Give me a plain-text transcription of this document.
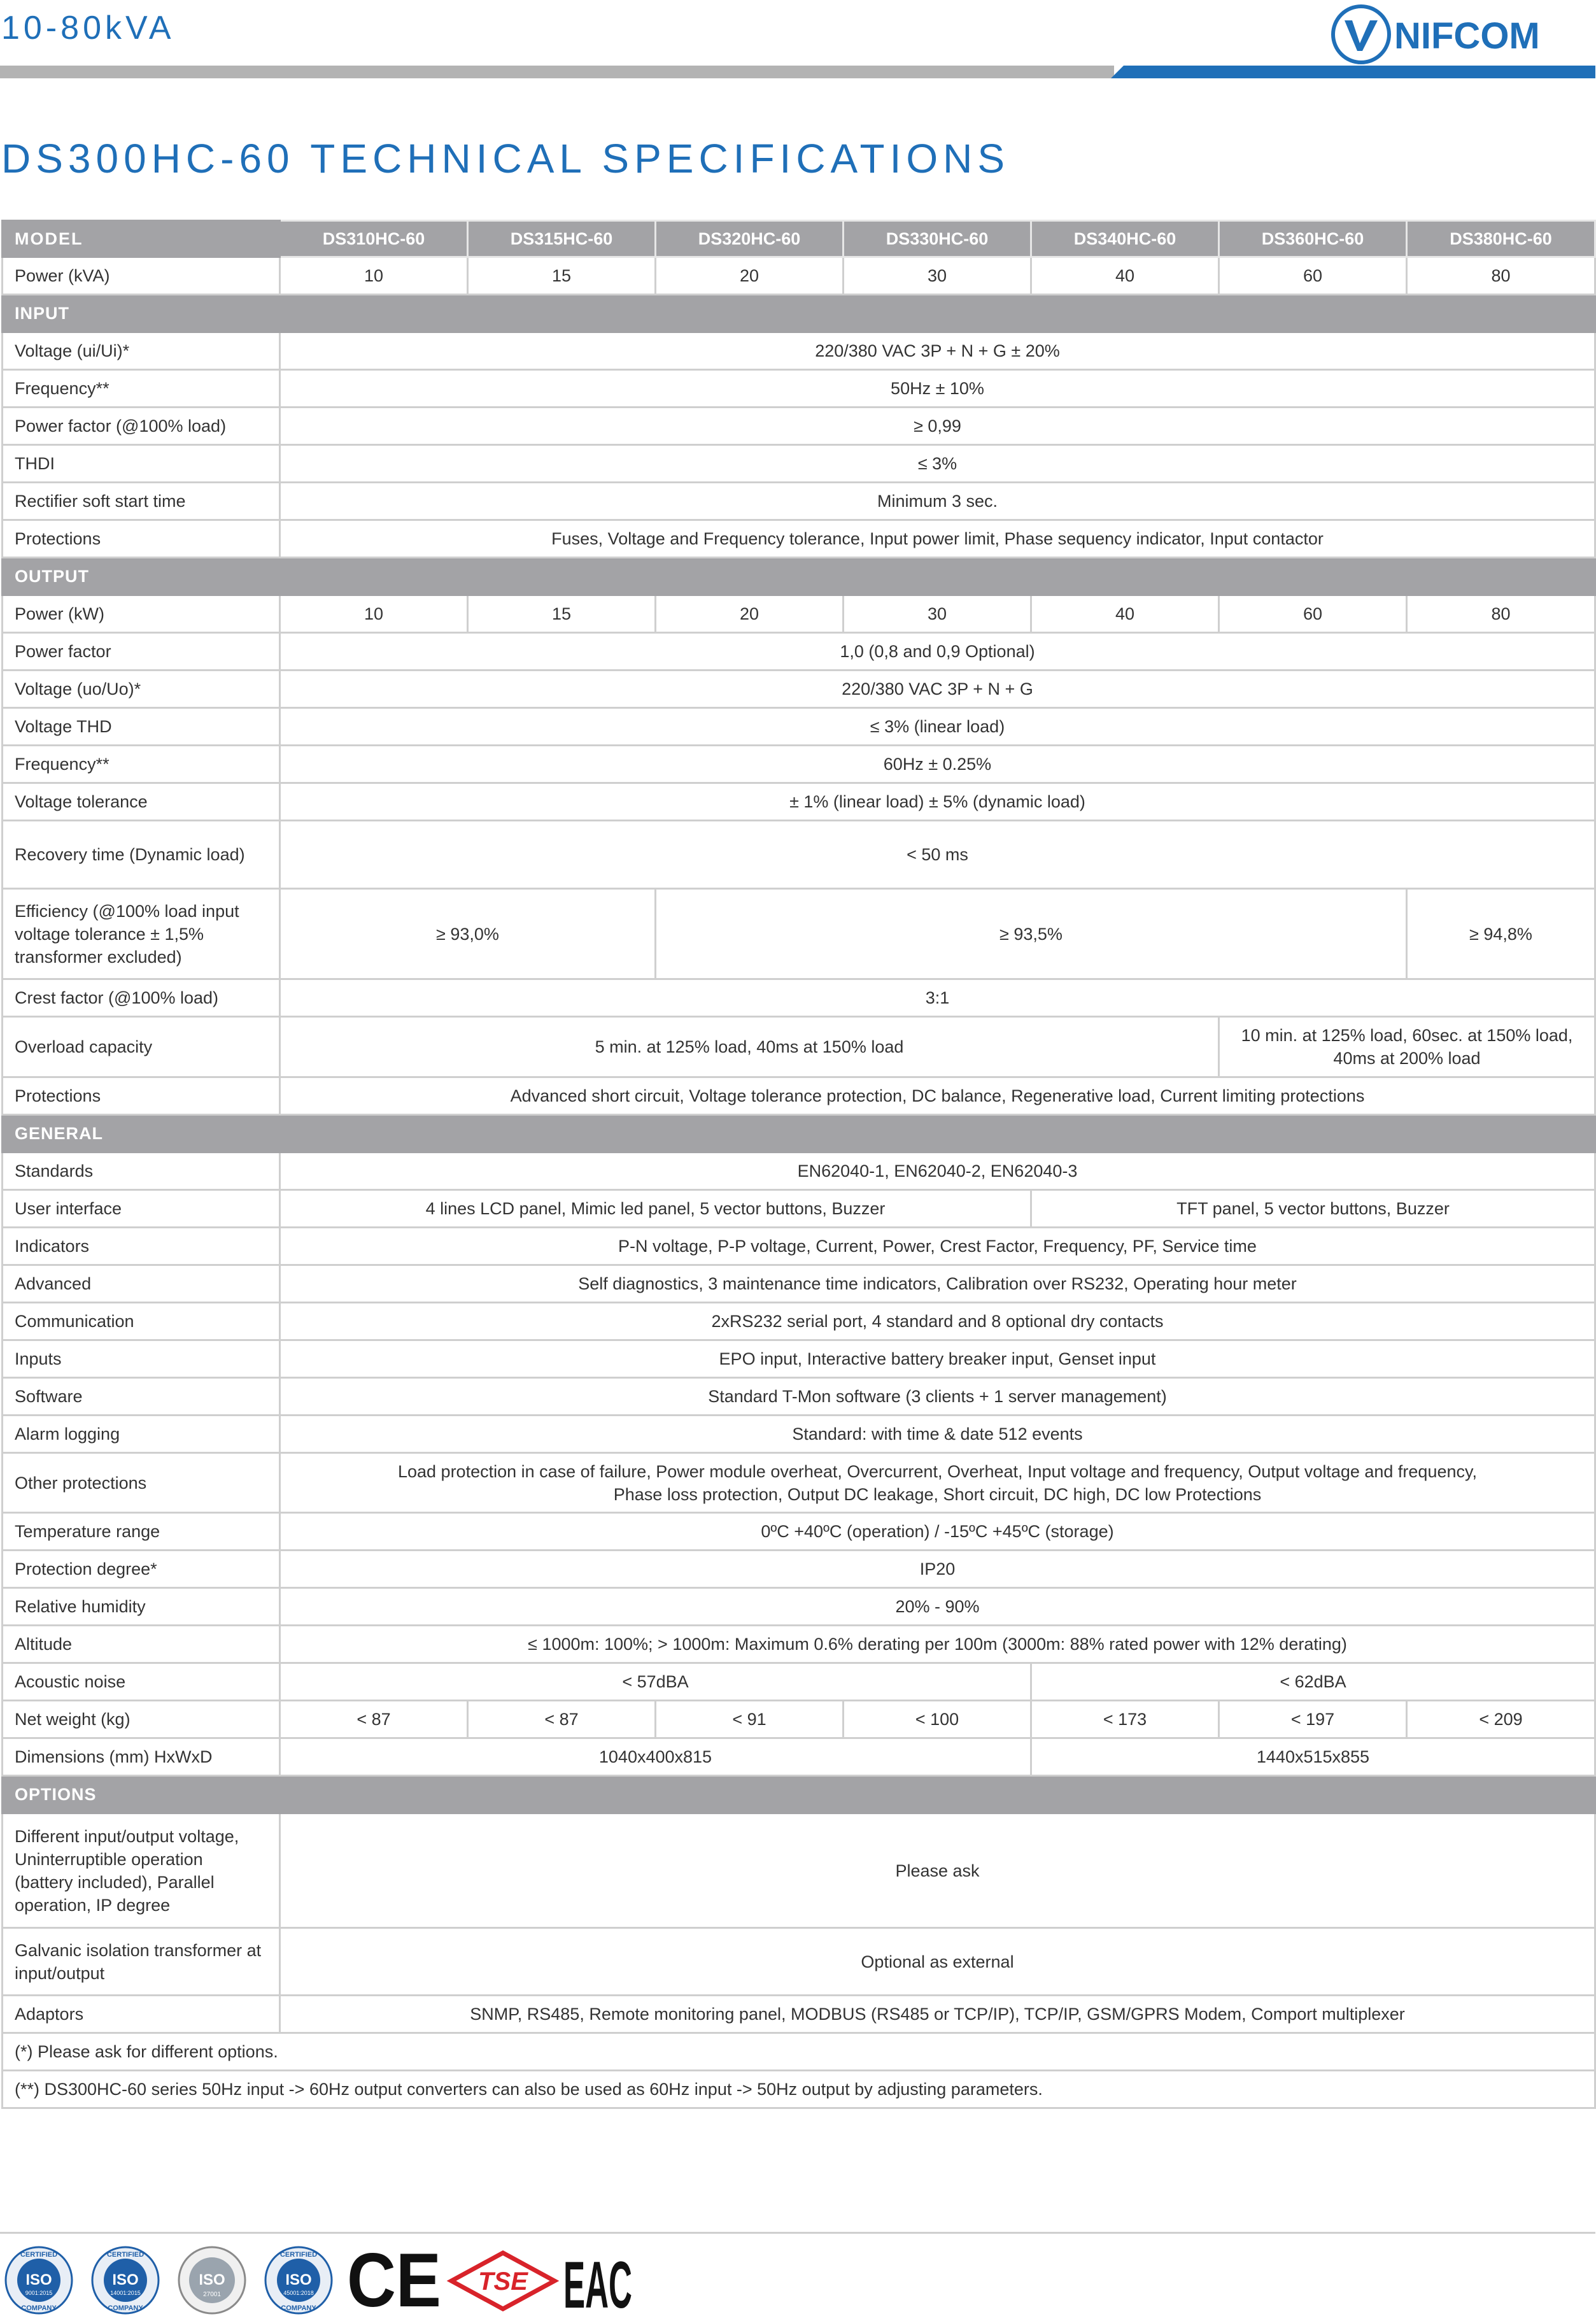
10-80kVA	NIFCOM
DS300HC-60 TECHNICAL SPECIFICATIONS
MODEL	DS310HC-60	DS315HC-60	DS320HC-60	DS330HC-60	DS340HC-60	DS360HC-60	DS380HC-60
Power (kVA)	10	15	20	30	40	60	80
INPUT							
Voltage (ui/Ui)*	220/380 VAC 3P + N + G ± 20%						
Frequency**	50Hz ± 10%						
Power factor (@100% load)	≥ 0,99						
THDI	≤ 3%						
Rectifier soft start time	Minimum 3 sec.						
Protections	Fuses, Voltage and Frequency tolerance, Input power limit, Phase sequency indicator, Input contactor						
OUTPUT							
Power (kW)	10	15	20	30	40	60	80
Power factor	1,0 (0,8 and 0,9 Optional)						
Voltage (uo/Uo)*	220/380 VAC 3P + N + G						
Voltage THD	≤ 3% (linear load)						
Frequency**	60Hz ± 0.25%						
Voltage tolerance	± 1% (linear load) ± 5% (dynamic load)						
Recovery time (Dynamic load)	< 50 ms						

Efficiency (@100% load input
voltage tolerance ± 1,5%
transformer excluded)	≥ 93,0%		≥ 93,5%				≥ 94,8%
Crest factor (@100% load)	3:1						
Overload capacity	5 min. at 125% load, 40ms at 150% load					10 min. at 125% load, 60sec. at 150% load,
40ms at 200% load	

Protections	Advanced short circuit, Voltage tolerance protection, DC balance, Regenerative load, Current limiting protections						
GENERAL							
Standards	EN62040-1, EN62040-2, EN62040-3						
User interface	4 lines LCD panel, Mimic led panel, 5 vector buttons, Buzzer				TFT panel, 5 vector buttons, Buzzer		
Indicators	P-N voltage, P-P voltage, Current, Power, Crest Factor, Frequency, PF, Service time						
Advanced	Self diagnostics, 3 maintenance time indicators, Calibration over RS232, Operating hour meter						
Communication	2xRS232 serial port, 4 standard and 8 optional dry contacts						
Inputs	EPO input, Interactive battery breaker input, Genset input						
Software	Standard T-Mon software (3 clients + 1 server management)						
Alarm logging	Standard: with time & date 512 events						
Other protections	Load protection in case of failure, Power module overheat, Overcurrent, Overheat, Input voltage and frequency, Output voltage and frequency,
Phase loss protection, Output DC leakage, Short circuit, DC high, DC low Protections						

Temperature range	0ºC +40ºC (operation) / -15ºC +45ºC (storage)						
Protection degree*	IP20						
Relative humidity	20% - 90%						
Altitude	≤ 1000m: 100%; > 1000m: Maximum 0.6% derating per 100m (3000m: 88% rated power with 12% derating)						
Acoustic noise	< 57dBA				< 62dBA		
Net weight (kg)	< 87	< 87	< 91	< 100	< 173	< 197	< 209
Dimensions (mm) HxWxD	1040x400x815				1440x515x855		
OPTIONS							

Different input/output voltage,
Uninterruptible operation
(battery included), Parallel
operation, IP degree	Please ask						

Galvanic isolation transformer at
input/output	Optional as external						
Adaptors	SNMP, RS485, Remote monitoring panel, MODBUS (RS485 or TCP/IP), TCP/IP, GSM/GPRS Modem, Comport multiplexer						
(*) Please ask for different options.							
(**) DS300HC-60 series 50Hz input -> 60Hz output converters can also be used as 60Hz input -> 50Hz output by adjusting parameters.							
CERTIFIED
ISO
9001:2015
COMPANY
CERTIFIED
ISO
14001:2015
COMPANY
ISO
27001
CERTIFIED
ISO
45001:2018
COMPANY CE TSE EAC
